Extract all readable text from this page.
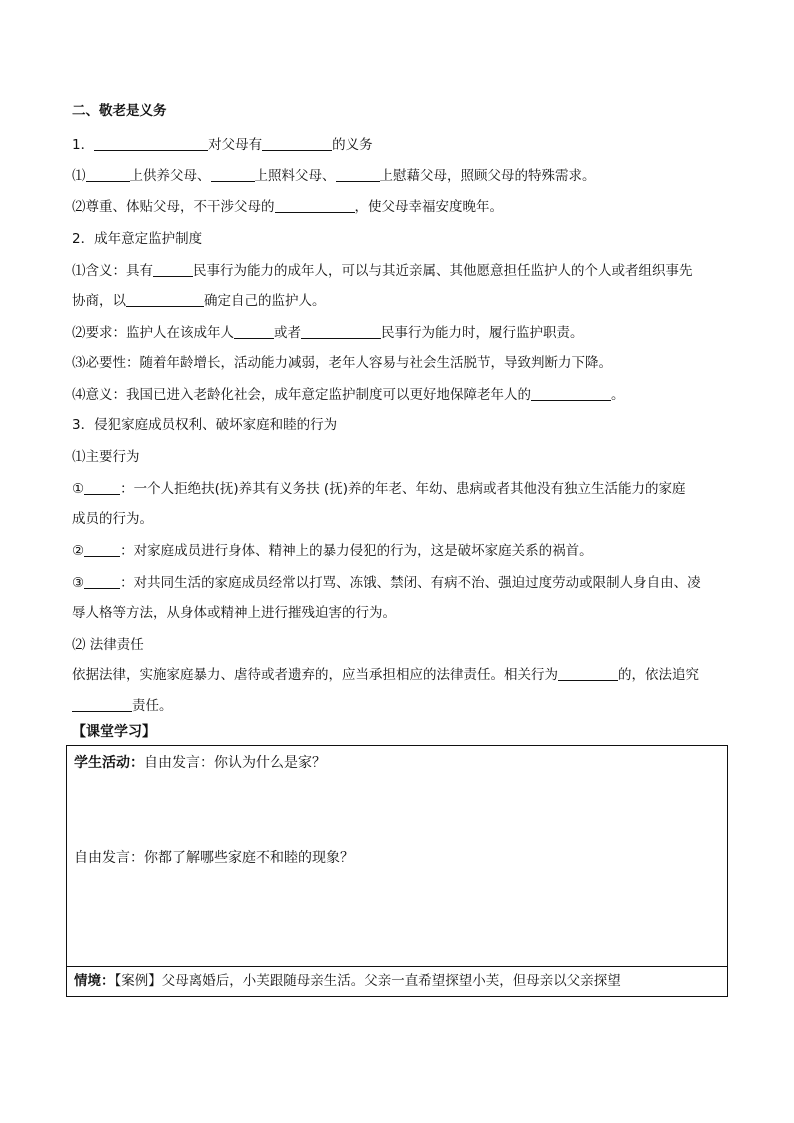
二、敬老是义务
1．	对父母有	的义务
⑴	上供养父母、	上照料父母、	上慰藉父母，照顾父母的特殊需求。
⑵尊重、体贴父母，不干涉父母的	，使父母幸福安度晚年。
2．成年意定监护制度
⑴含义：具有	民事行为能力的成年人，可以与其近亲属、其他愿意担任监护人的个人或者组织事先
协商，以	确定自己的监护人。
⑵要求：监护人在该成年人	或者	民事行为能力时，履行监护职责。
⑶必要性：随着年龄增长，活动能力减弱，老年人容易与社会生活脱节，导致判断力下降。
⑷意义：我国已进入老龄化社会，成年意定监护制度可以更好地保障老年人的	。
3．侵犯家庭成员权利、破坏家庭和睦的行为
⑴主要行为
①	：一个人拒绝扶(抚)养其有义务扶 (抚)养的年老、年幼、患病或者其他没有独立生活能力的家庭
成员的行为。
②	：对家庭成员进行身体、精神上的暴力侵犯的行为，这是破坏家庭关系的祸首。
③	：对共同生活的家庭成员经常以打骂、冻饿、禁闭、有病不治、强迫过度劳动或限制人身自由、凌
辱人格等方法，从身体或精神上进行摧残迫害的行为。
⑵ 法律责任
依据法律，实施家庭暴力、虐待或者遗弃的，应当承担相应的法律责任。相关行为	的，依法追究
责任。
【课堂学习】
学生活动：自由发言：你认为什么是家？
自由发言：你都了解哪些家庭不和睦的现象？
情境：【案例】父母离婚后，小芙跟随母亲生活。父亲一直希望探望小芙，但母亲以父亲探望
